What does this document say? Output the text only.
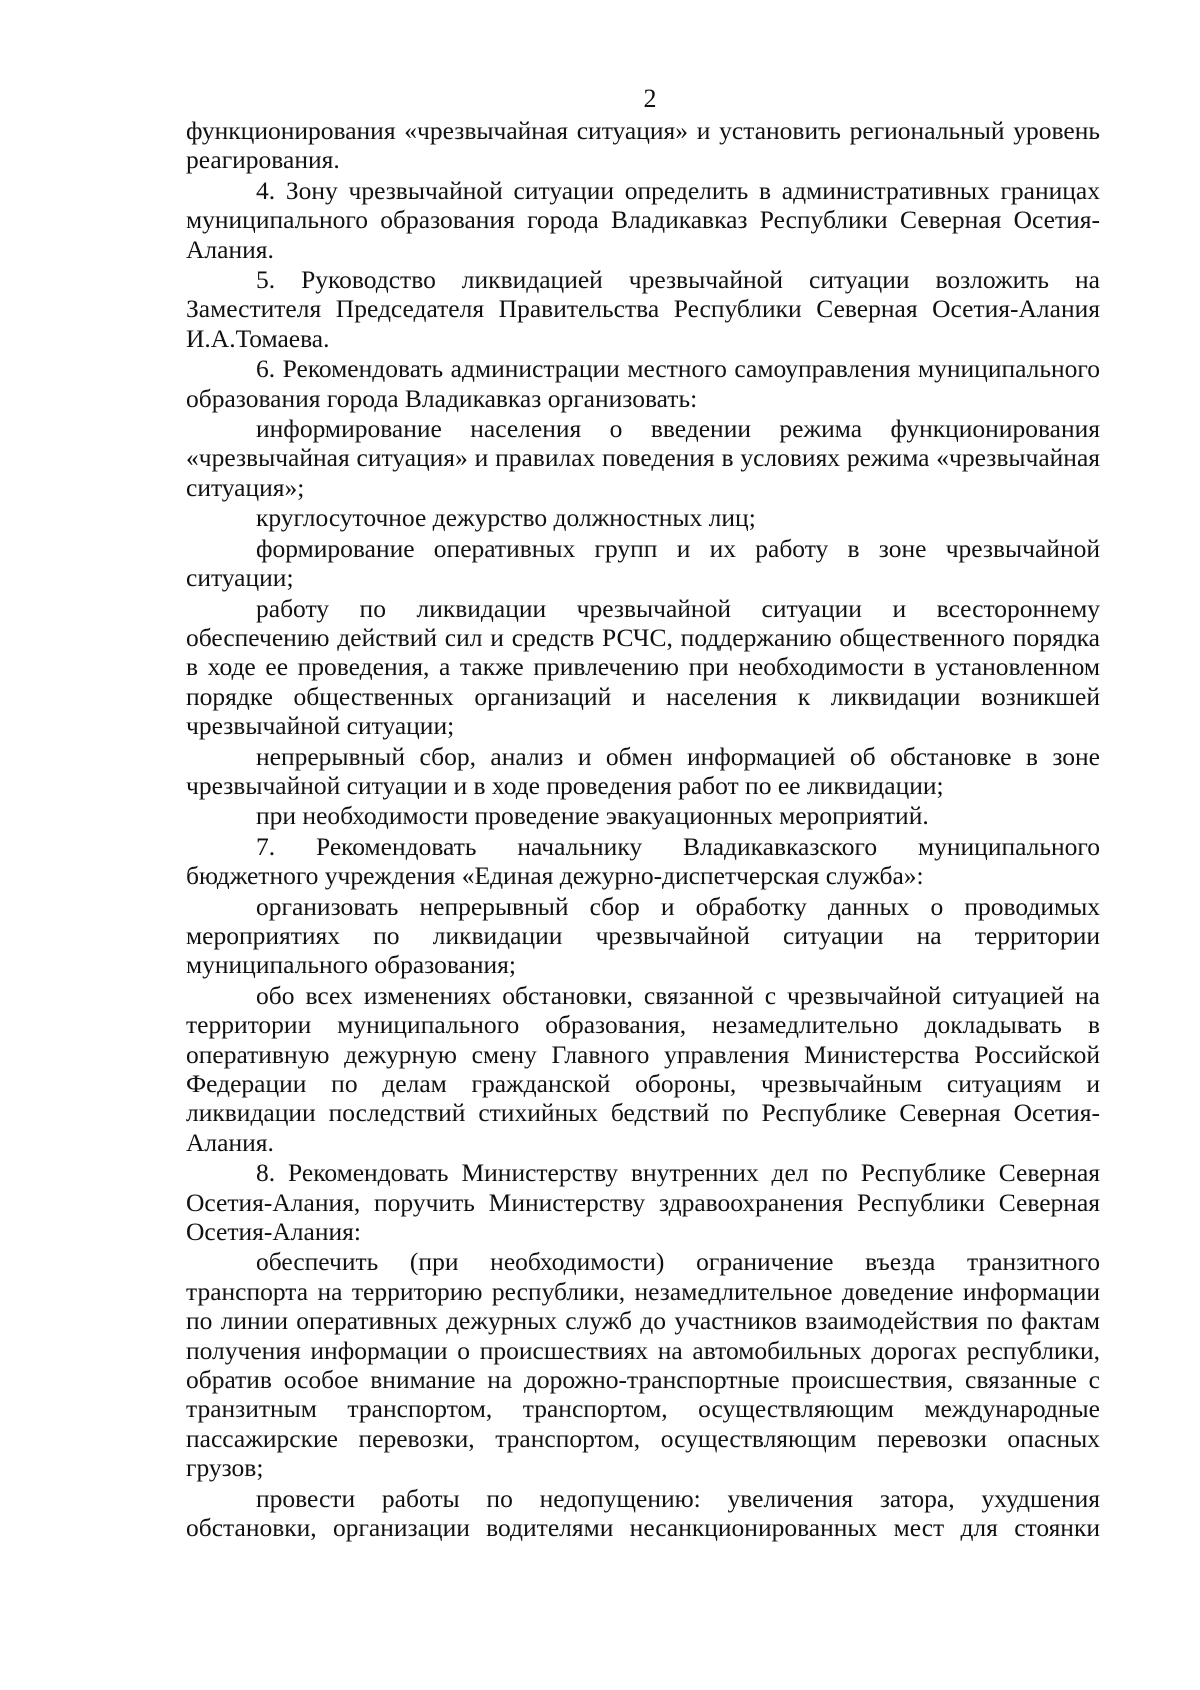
2

функционирования «чрезвычайная ситуация» и установить региональный уровень реагирования.

4. Зону чрезвычайной ситуации определить в административных границах муниципального образования города Владикавказ Республики Северная Осетия-Алания.

5. Руководство ликвидацией чрезвычайной ситуации возложить на Заместителя Председателя Правительства Республики Северная Осетия-Алания И.А.Томаева.

6. Рекомендовать администрации местного самоуправления муниципального образования города Владикавказ организовать:

информирование населения о введении режима функционирования «чрезвычайная ситуация» и правилах поведения в условиях режима «чрезвычайная ситуация»;

круглосуточное дежурство должностных лиц;

формирование оперативных групп и их работу в зоне чрезвычайной ситуации;

работу по ликвидации чрезвычайной ситуации и всестороннему обеспечению действий сил и средств РСЧС, поддержанию общественного порядка в ходе ее проведения, а также привлечению при необходимости в установленном порядке общественных организаций и населения к ликвидации возникшей чрезвычайной ситуации;

непрерывный сбор, анализ и обмен информацией об обстановке в зоне чрезвычайной ситуации и в ходе проведения работ по ее ликвидации;

при необходимости проведение эвакуационных мероприятий.

7. Рекомендовать начальнику Владикавказского муниципального бюджетного учреждения «Единая дежурно-диспетчерская служба»:

организовать непрерывный сбор и обработку данных о проводимых мероприятиях по ликвидации чрезвычайной ситуации на территории муниципального образования;

обо всех изменениях обстановки, связанной с чрезвычайной ситуацией на территории муниципального образования, незамедлительно докладывать в оперативную дежурную смену Главного управления Министерства Российской Федерации по делам гражданской обороны, чрезвычайным ситуациям и ликвидации последствий стихийных бедствий по Республике Северная Осетия-Алания.

8. Рекомендовать Министерству внутренних дел по Республике Северная Осетия-Алания, поручить Министерству здравоохранения Республики Северная Осетия-Алания:

обеспечить (при необходимости) ограничение въезда транзитного транспорта на территорию республики, незамедлительное доведение информации по линии оперативных дежурных служб до участников взаимодействия по фактам получения информации о происшествиях на автомобильных дорогах республики, обратив особое внимание на дорожно-транспортные происшествия, связанные с транзитным транспортом, транспортом, осуществляющим международные пассажирские перевозки, транспортом, осуществляющим перевозки опасных грузов;

провести работы по недопущению: увеличения затора, ухудшения обстановки, организации водителями несанкционированных мест для стоянки
